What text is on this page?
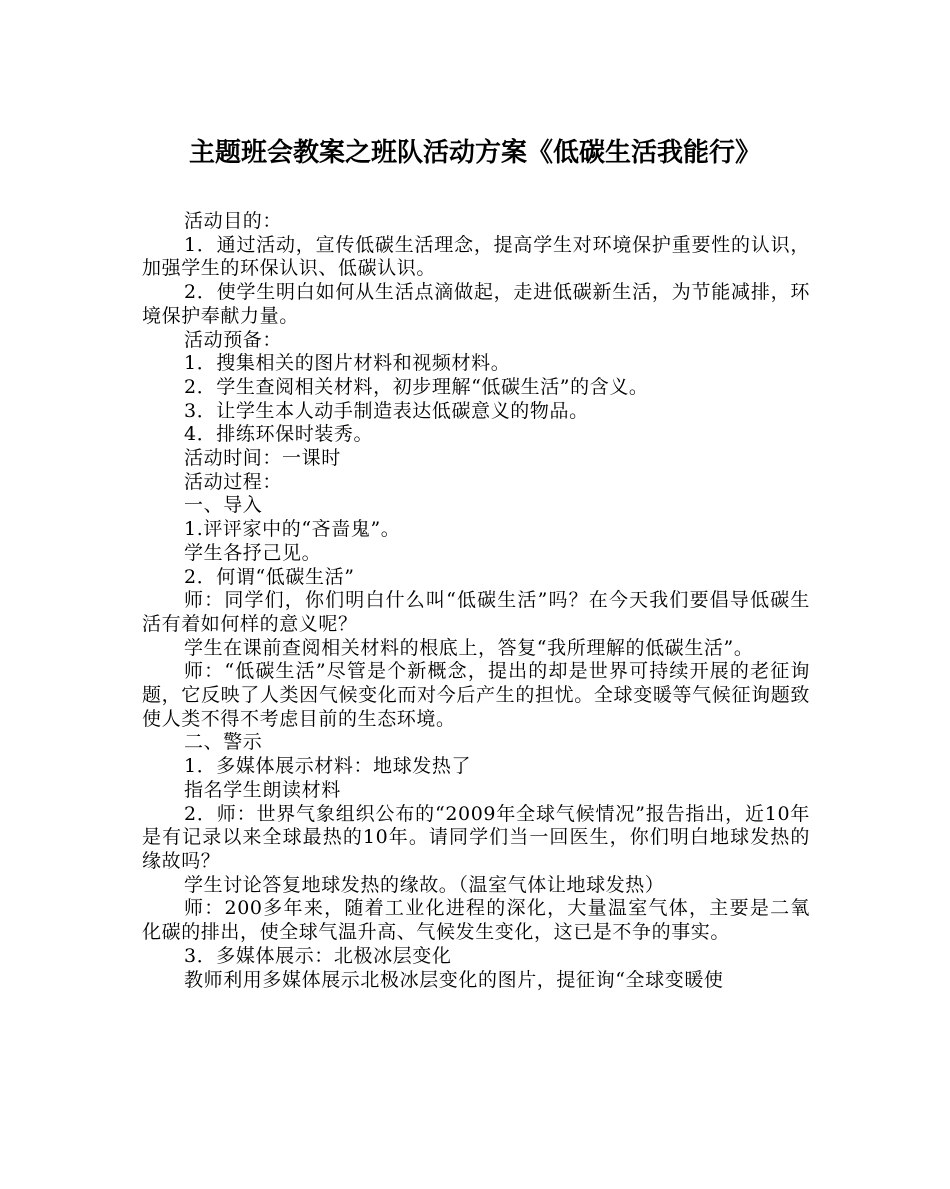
主题班会教案之班队活动方案《低碳生活我能行》

活动目的：

1．通过活动，宣传低碳生活理念，提高学生对环境保护重要性的认识，加强学生的环保认识、低碳认识。

2．使学生明白如何从生活点滴做起，走进低碳新生活，为节能减排，环境保护奉献力量。

活动预备：

1．搜集相关的图片材料和视频材料。

2．学生查阅相关材料，初步理解“低碳生活”的含义。

3．让学生本人动手制造表达低碳意义的物品。

4．排练环保时装秀。

活动时间：一课时

活动过程：

一、导入

1.评评家中的“吝啬鬼”。

学生各抒己见。

2．何谓“低碳生活”

师：同学们，你们明白什么叫“低碳生活”吗？在今天我们要倡导低碳生活有着如何样的意义呢？

学生在课前查阅相关材料的根底上，答复“我所理解的低碳生活”。

师：“低碳生活”尽管是个新概念，提出的却是世界可持续开展的老征询题，它反映了人类因气候变化而对今后产生的担忧。全球变暖等气候征询题致使人类不得不考虑目前的生态环境。

二、警示

1．多媒体展示材料：地球发热了

指名学生朗读材料

2．师：世界气象组织公布的“2009年全球气候情况”报告指出，近10年是有记录以来全球最热的10年。请同学们当一回医生，你们明白地球发热的缘故吗？

学生讨论答复地球发热的缘故。（温室气体让地球发热）

师：200多年来，随着工业化进程的深化，大量温室气体，主要是二氧化碳的排出，使全球气温升高、气候发生变化，这已是不争的事实。

3．多媒体展示：北极冰层变化

教师利用多媒体展示北极冰层变化的图片，提征询“全球变暖使
